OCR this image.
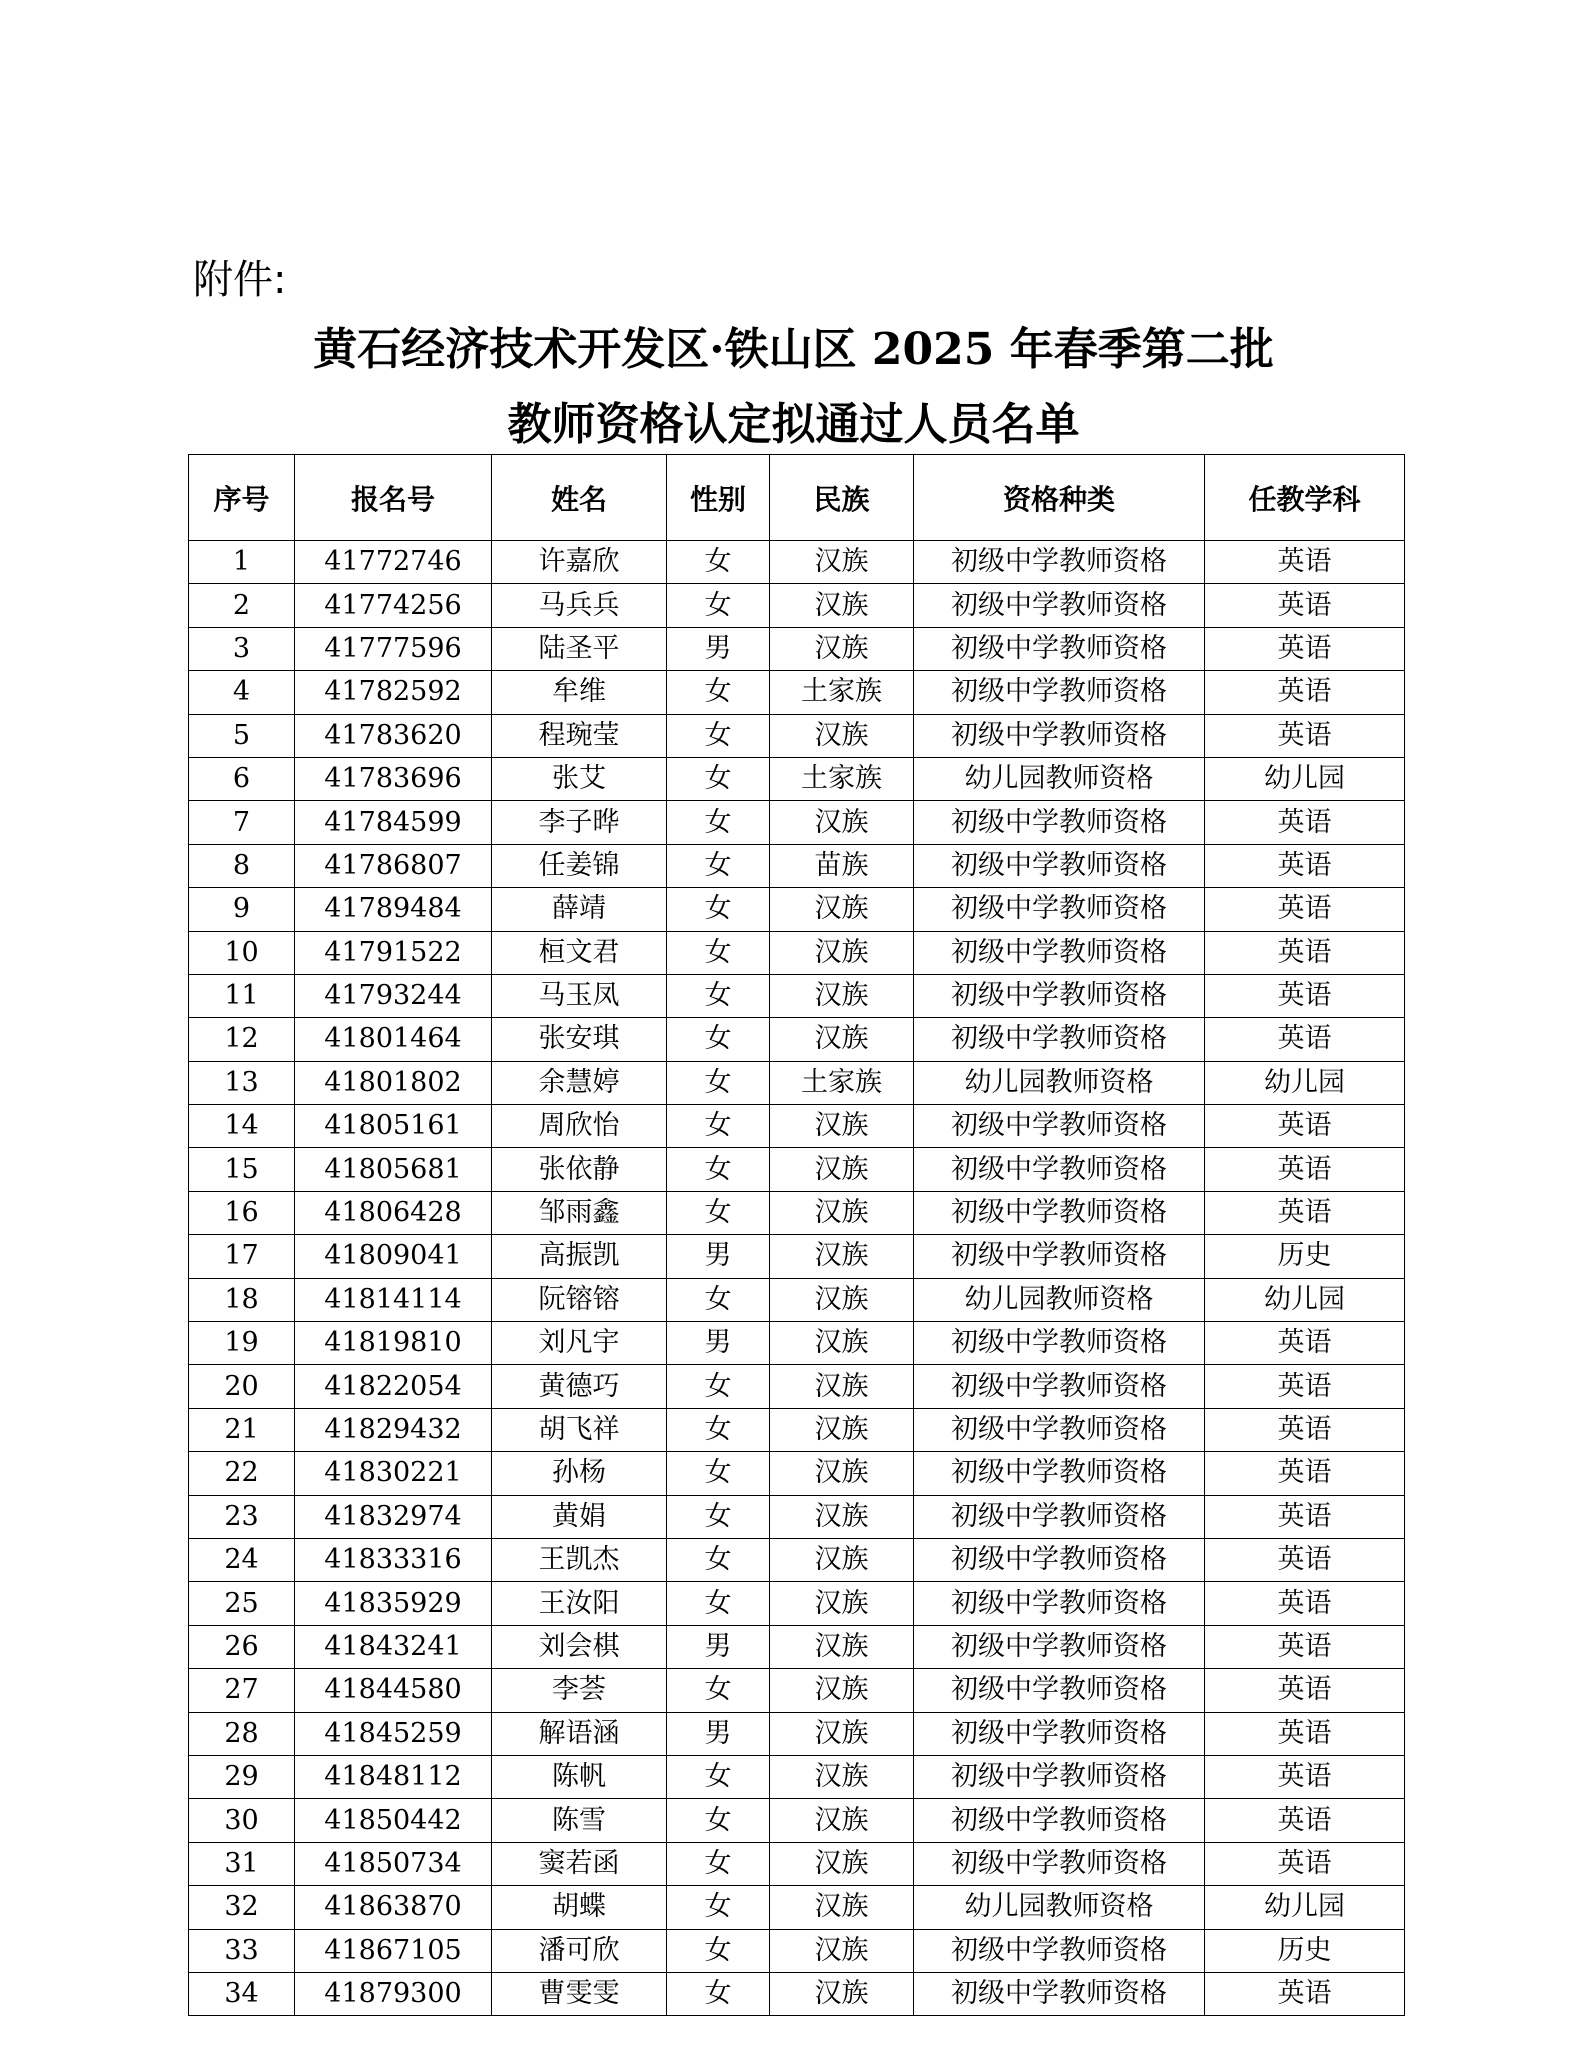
附件:
黄石经济技术开发区·铁山区 2025 年春季第二批
教师资格认定拟通过人员名单
序号	报名号	姓名	性别	民族	资格种类	任教学科
1	41772746	许嘉欣	女	汉族	初级中学教师资格	英语
2	41774256	马兵兵	女	汉族	初级中学教师资格	英语
3	41777596	陆圣平	男	汉族	初级中学教师资格	英语
4	41782592	牟维	女	土家族	初级中学教师资格	英语
5	41783620	程琬莹	女	汉族	初级中学教师资格	英语
6	41783696	张艾	女	土家族	幼儿园教师资格	幼儿园
7	41784599	李子晔	女	汉族	初级中学教师资格	英语
8	41786807	任姜锦	女	苗族	初级中学教师资格	英语
9	41789484	薛靖	女	汉族	初级中学教师资格	英语
10	41791522	桓文君	女	汉族	初级中学教师资格	英语
11	41793244	马玉凤	女	汉族	初级中学教师资格	英语
12	41801464	张安琪	女	汉族	初级中学教师资格	英语
13	41801802	余慧婷	女	土家族	幼儿园教师资格	幼儿园
14	41805161	周欣怡	女	汉族	初级中学教师资格	英语
15	41805681	张依静	女	汉族	初级中学教师资格	英语
16	41806428	邹雨鑫	女	汉族	初级中学教师资格	英语
17	41809041	高振凯	男	汉族	初级中学教师资格	历史
18	41814114	阮镕镕	女	汉族	幼儿园教师资格	幼儿园
19	41819810	刘凡宇	男	汉族	初级中学教师资格	英语
20	41822054	黄德巧	女	汉族	初级中学教师资格	英语
21	41829432	胡飞祥	女	汉族	初级中学教师资格	英语
22	41830221	孙杨	女	汉族	初级中学教师资格	英语
23	41832974	黄娟	女	汉族	初级中学教师资格	英语
24	41833316	王凯杰	女	汉族	初级中学教师资格	英语
25	41835929	王汝阳	女	汉族	初级中学教师资格	英语
26	41843241	刘会棋	男	汉族	初级中学教师资格	英语
27	41844580	李荟	女	汉族	初级中学教师资格	英语
28	41845259	解语涵	男	汉族	初级中学教师资格	英语
29	41848112	陈帆	女	汉族	初级中学教师资格	英语
30	41850442	陈雪	女	汉族	初级中学教师资格	英语
31	41850734	窦若函	女	汉族	初级中学教师资格	英语
32	41863870	胡蝶	女	汉族	幼儿园教师资格	幼儿园
33	41867105	潘可欣	女	汉族	初级中学教师资格	历史
34	41879300	曹雯雯	女	汉族	初级中学教师资格	英语
